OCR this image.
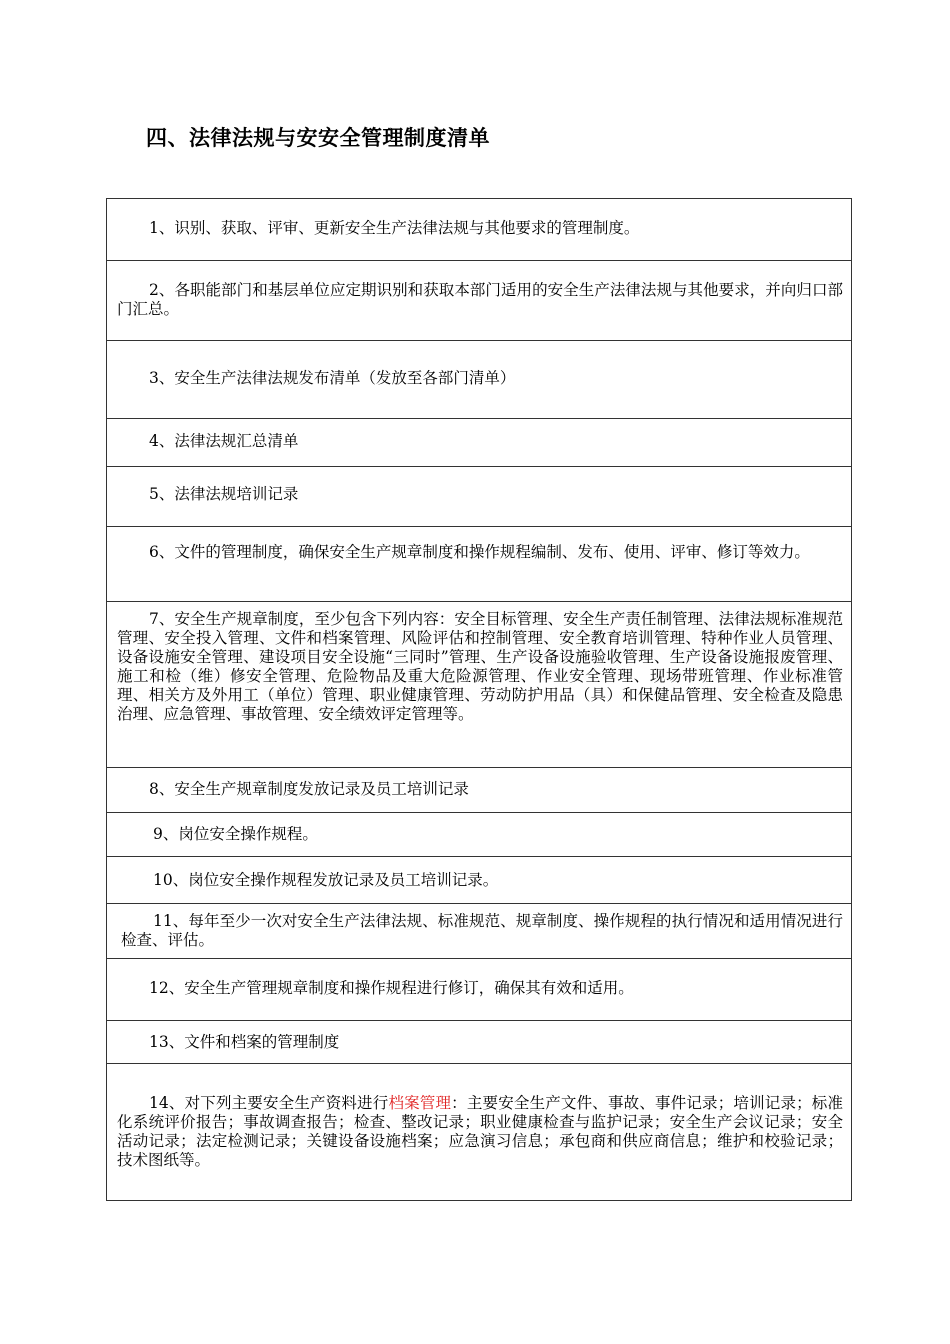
四、法律法规与安安全管理制度清单

1、识别、获取、评审、更新安全生产法律法规与其他要求的管理制度。

2、各职能部门和基层单位应定期识别和获取本部门适用的安全生产法律法规与其他要求，并向归口部门汇总。

3、安全生产法律法规发布清单（发放至各部门清单）

4、法律法规汇总清单

5、法律法规培训记录

6、文件的管理制度，确保安全生产规章制度和操作规程编制、发布、使用、评审、修订等效力。

7、安全生产规章制度，至少包含下列内容：安全目标管理、安全生产责任制管理、法律法规标准规范管理、安全投入管理、文件和档案管理、风险评估和控制管理、安全教育培训管理、特种作业人员管理、设备设施安全管理、建设项目安全设施“三同时”管理、生产设备设施验收管理、生产设备设施报废管理、施工和检（维）修安全管理、危险物品及重大危险源管理、作业安全管理、现场带班管理、作业标准管理、相关方及外用工（单位）管理、职业健康管理、劳动防护用品（具）和保健品管理、安全检查及隐患治理、应急管理、事故管理、安全绩效评定管理等。

8、安全生产规章制度发放记录及员工培训记录

9、岗位安全操作规程。

10、岗位安全操作规程发放记录及员工培训记录。

11、每年至少一次对安全生产法律法规、标准规范、规章制度、操作规程的执行情况和适用情况进行检查、评估。

12、安全生产管理规章制度和操作规程进行修订，确保其有效和适用。

13、文件和档案的管理制度

14、对下列主要安全生产资料进行档案管理：主要安全生产文件、事故、事件记录；培训记录；标准化系统评价报告；事故调查报告；检查、整改记录；职业健康检查与监护记录；安全生产会议记录；安全活动记录；法定检测记录；关键设备设施档案；应急演习信息；承包商和供应商信息；维护和校验记录；技术图纸等。
